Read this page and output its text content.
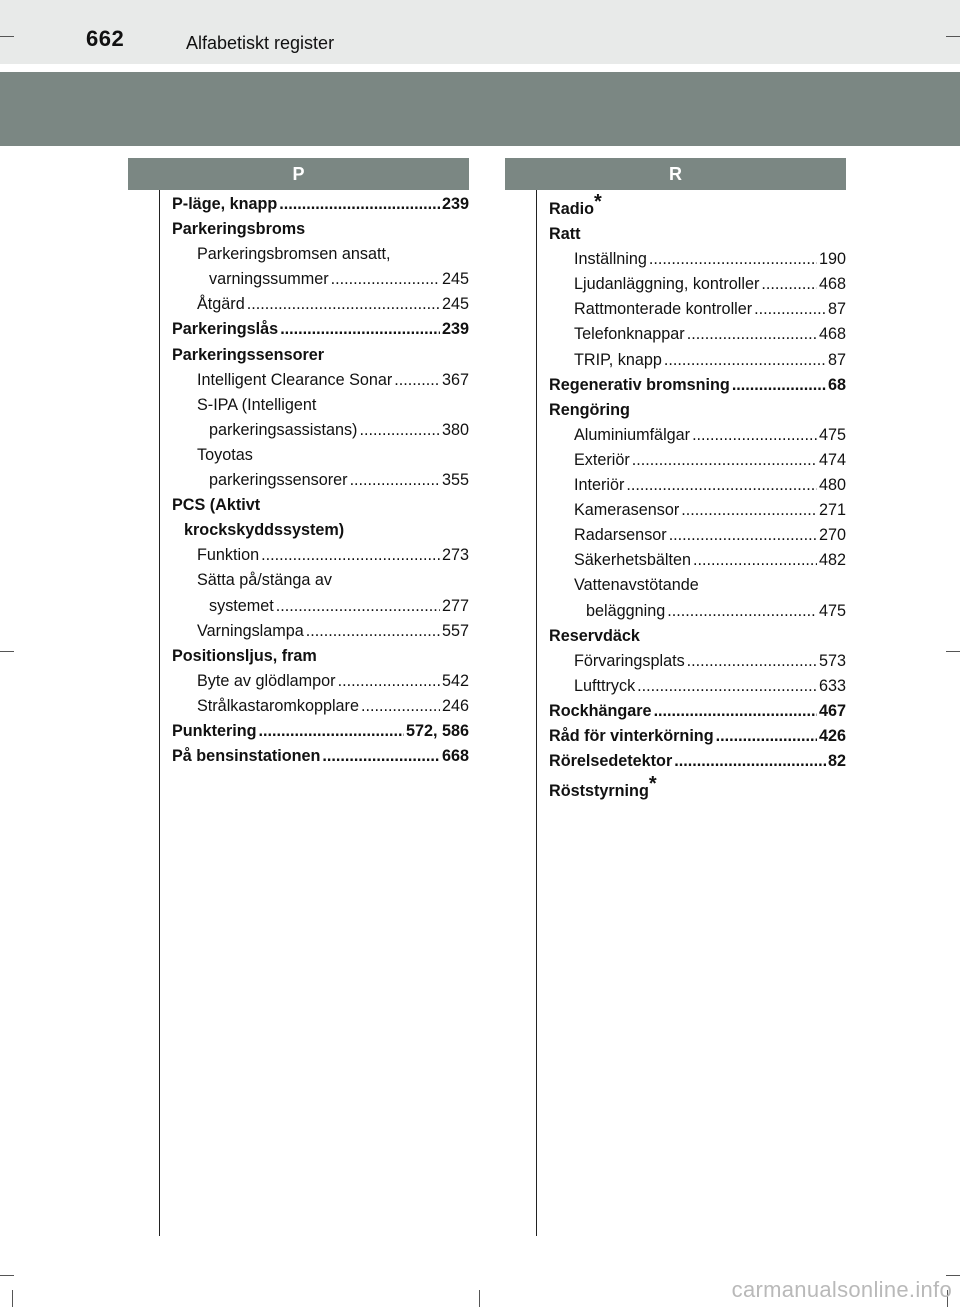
662	Alfabetiskt register
P	R
P-läge, knapp .....	239
Parkeringsbroms
Parkeringsbromsen ansatt,
varningssummer .....	245
Åtgärd .....	245
Parkeringslås .....	239
Parkeringssensorer
Intelligent Clearance Sonar .....	367
S-IPA (Intelligent
parkeringsassistans) .....	380
Toyotas
parkeringssensorer .....	355
PCS (Aktivt
krockskyddssystem)
Funktion .....	273
Sätta på/stänga av
systemet .....	277
Varningslampa .....	557
Positionsljus, fram
Byte av glödlampor .....	542
Strålkastaromkopplare .....	246
Punktering .....	572, 586
På bensinstationen .....	668
Radio*
Ratt
Inställning .....	190
Ljudanläggning, kontroller .....	468
Rattmonterade kontroller .....	87
Telefonknappar .....	468
TRIP, knapp .....	87
Regenerativ bromsning .....	68
Rengöring
Aluminiumfälgar .....	475
Exteriör .....	474
Interiör .....	480
Kamerasensor .....	271
Radarsensor .....	270
Säkerhetsbälten .....	482
Vattenavstötande
beläggning .....	475
Reservdäck
Förvaringsplats .....	573
Lufttryck .....	633
Rockhängare .....	467
Råd för vinterkörning .....	426
Rörelsedetektor .....	82
Röststyrning*
carmanualsonline.info
